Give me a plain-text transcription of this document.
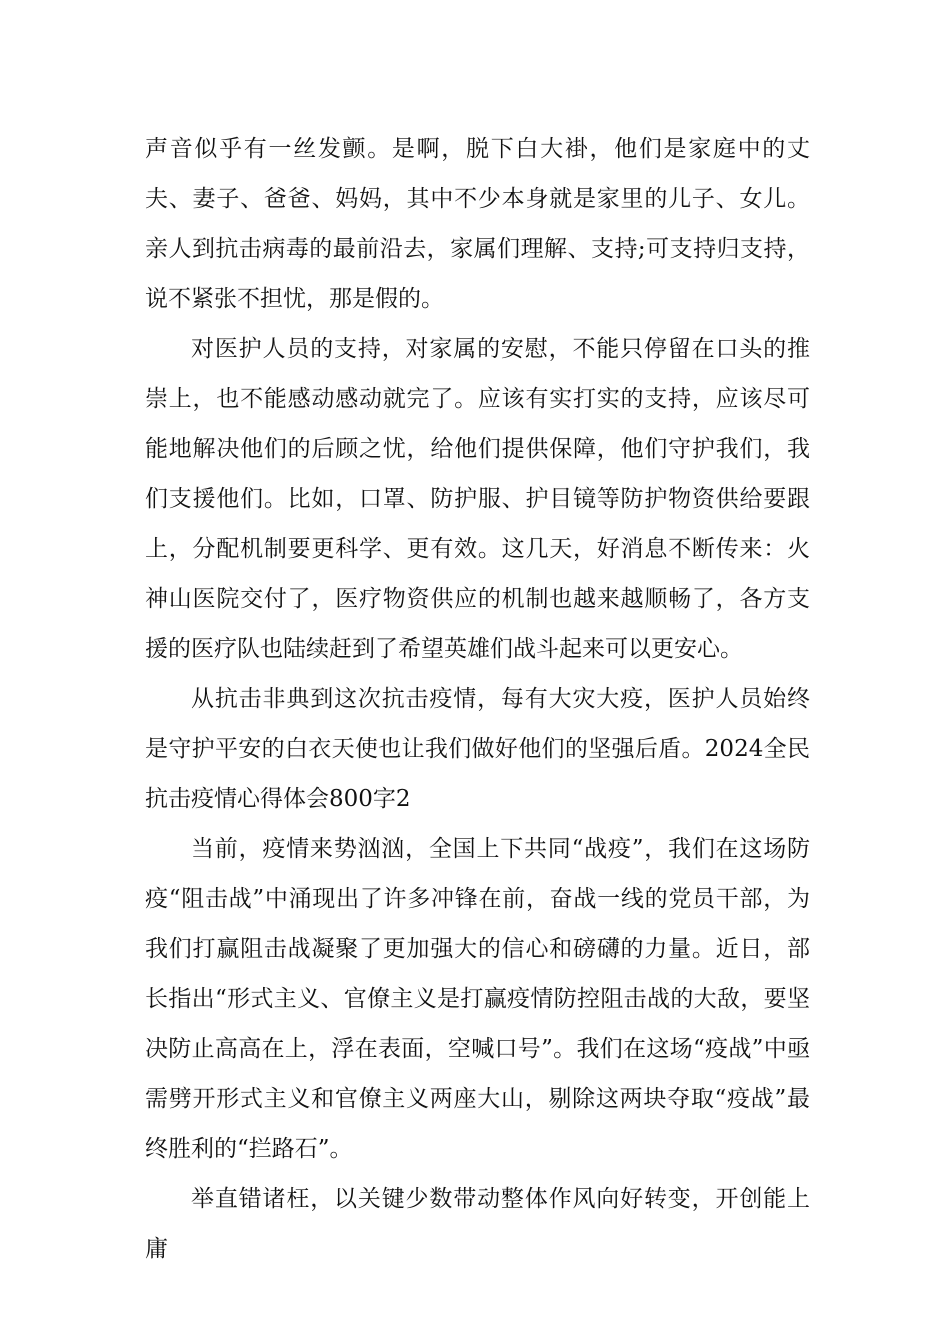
声音似乎有一丝发颤。是啊，脱下白大褂，他们是家庭中的丈夫、妻子、爸爸、妈妈，其中不少本身就是家里的儿子、女儿。亲人到抗击病毒的最前沿去，家属们理解、支持;可支持归支持，说不紧张不担忧，那是假的。

对医护人员的支持，对家属的安慰，不能只停留在口头的推崇上，也不能感动感动就完了。应该有实打实的支持，应该尽可能地解决他们的后顾之忧，给他们提供保障，他们守护我们，我们支援他们。比如，口罩、防护服、护目镜等防护物资供给要跟上，分配机制要更科学、更有效。这几天，好消息不断传来：火神山医院交付了，医疗物资供应的机制也越来越顺畅了，各方支援的医疗队也陆续赶到了希望英雄们战斗起来可以更安心。

从抗击非典到这次抗击疫情，每有大灾大疫，医护人员始终是守护平安的白衣天使也让我们做好他们的坚强后盾。2024全民抗击疫情心得体会800字2

当前，疫情来势汹汹，全国上下共同“战疫”，我们在这场防疫“阻击战”中涌现出了许多冲锋在前，奋战一线的党员干部，为我们打赢阻击战凝聚了更加强大的信心和磅礴的力量。近日，部长指出“形式主义、官僚主义是打赢疫情防控阻击战的大敌，要坚决防止高高在上，浮在表面，空喊口号”。我们在这场“疫战”中亟需劈开形式主义和官僚主义两座大山，剔除这两块夺取“疫战”最终胜利的“拦路石”。

举直错诸枉，以关键少数带动整体作风向好转变，开创能上庸
